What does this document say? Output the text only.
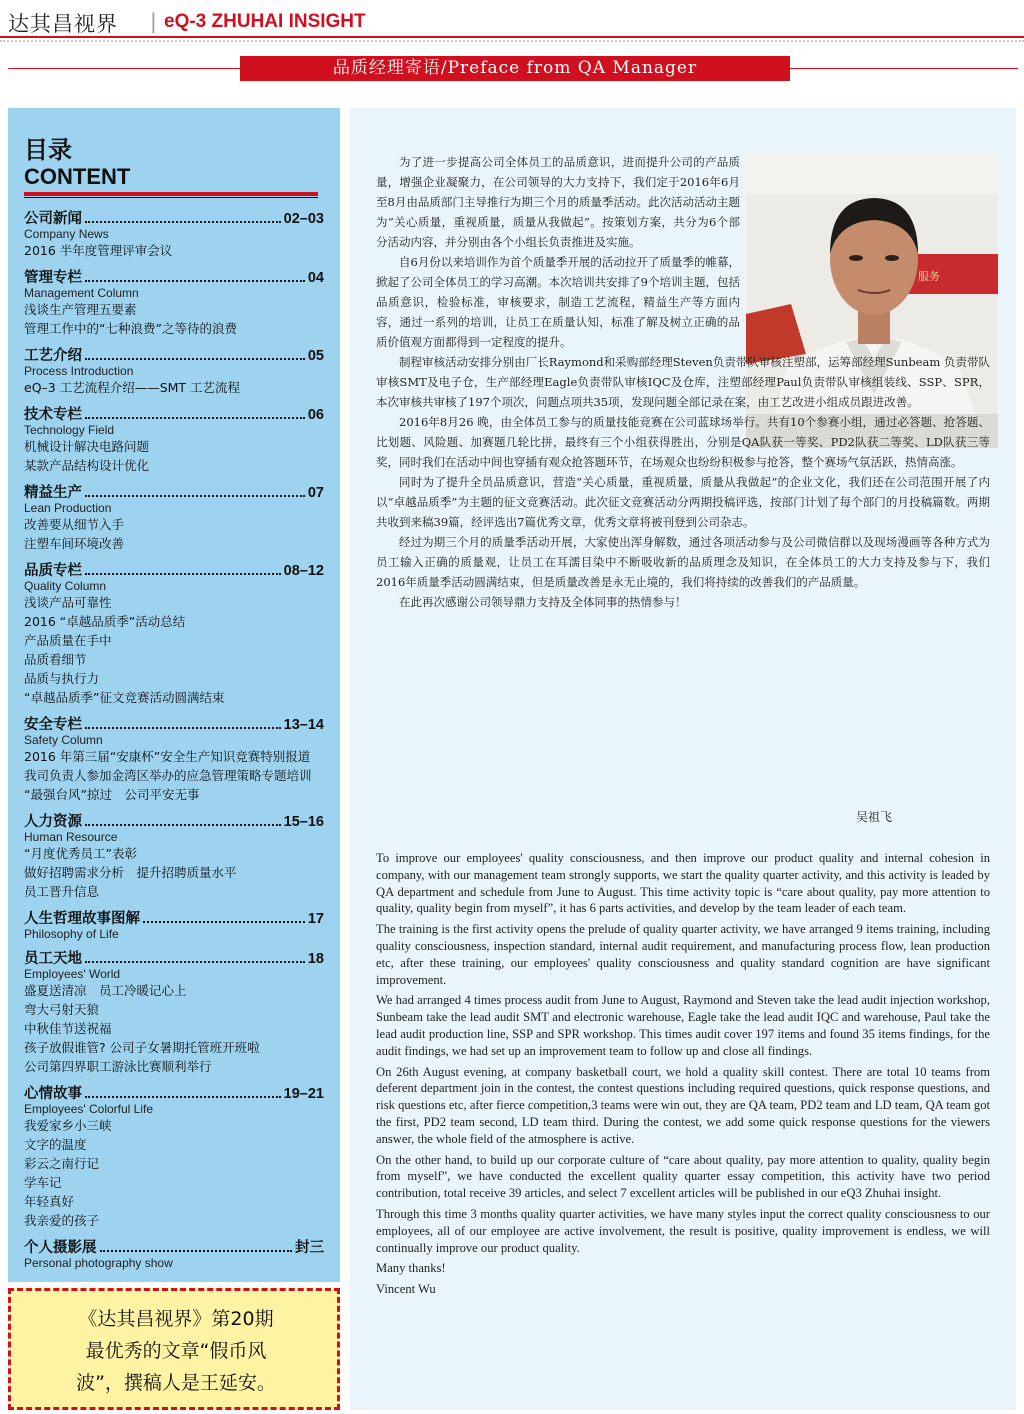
达其昌视界 | eQ-3 ZHUHAI INSIGHT
品质经理寄语/Preface from QA Manager
目录
CONTENT
公司新闻	02–03
Company News
2016 半年度管理评审会议
管理专栏	04
Management Column
浅谈生产管理五要素
管理工作中的“七种浪费”之等待的浪费
工艺介绍	05
Process Introduction
eQ–3 工艺流程介绍——SMT 工艺流程
技术专栏	06
Technology Field
机械设计解决电路问题
某款产品结构设计优化
精益生产	07
Lean Production
改善要从细节入手
注塑车间环境改善
品质专栏	08–12
Quality Column
浅谈产品可靠性
2016 “卓越品质季”活动总结
产品质量在手中
品质看细节
品质与执行力
“卓越品质季”征文竞赛活动圆满结束
安全专栏	13–14
Safety Column
2016 年第三届“安康杯”安全生产知识竞赛特别报道
我司负责人参加金湾区举办的应急管理策略专题培训
“最强台风”掠过　公司平安无事
人力资源	15–16
Human Resource
“月度优秀员工”表彰
做好招聘需求分析　提升招聘质量水平
员工晋升信息
人生哲理故事图解	17
Philosophy of Life
员工天地	18
Employees' World
盛夏送清凉　员工冷暖记心上
弯大弓射天狼
中秋佳节送祝福
孩子放假谁管? 公司子女暑期托管班开班啦
公司第四界职工游泳比赛顺利举行
心情故事	19–21
Employees' Colorful Life
我爱家乡小三峡
文字的温度
彩云之南行记
学车记
年轻真好
我亲爱的孩子
个人摄影展	封三
Personal photography show
《达其昌视界》第20期
最优秀的文章“假币风
波”，撰稿人是王延安。
服务

为了进一步提高公司全体员工的品质意识，进而提升公司的产品质量，增强企业凝聚力，在公司领导的大力支持下，我们定于2016年6月至8月由品质部门主导推行为期三个月的质量季活动。此次活动活动主题为“关心质量，重视质量，质量从我做起”。按策划方案，共分为6个部分活动内容，并分别由各个小组长负责推进及实施。

自6月份以来培训作为首个质量季开展的活动拉开了质量季的帷幕，掀起了公司全体员工的学习高潮。本次培训共安排了9个培训主题，包括品质意识，检验标准，审核要求，制造工艺流程，精益生产等方面内容，通过一系列的培训，让员工在质量认知，标准了解及树立正确的品质价值观方面都得到一定程度的提升。

制程审核活动安排分别由厂长Raymond和采购部经理Steven负责带队审核注塑部，运筹部经理Sunbeam 负责带队审核SMT及电子仓，生产部经理Eagle负责带队审核IQC及仓库，注塑部经理Paul负责带队审核组装线、SSP、SPR，本次审核共审核了197个项次，问题点项共35项，发现问题全部记录在案，由工艺改进小组成员跟进改善。

2016年8月26 晚，由全体员工参与的质量技能竞赛在公司蓝球场举行。共有10个参赛小组，通过必答题、抢答题、比划题、风险题、加赛题几轮比拼，最终有三个小组获得胜出，分别是QA队获一等奖、PD2队获二等奖、LD队获三等奖，同时我们在活动中间也穿插有观众抢答题环节，在场观众也纷纷积极参与抢答，整个赛场气氛活跃，热情高涨。

同时为了提升全员品质意识，营造“关心质量，重视质量，质量从我做起”的企业文化，我们还在公司范围开展了内以“卓越品质季”为主题的征文竞赛活动。此次征文竞赛活动分两期投稿评选，按部门计划了每个部门的月投稿篇数。两期共收到来稿39篇，经评选出7篇优秀文章，优秀文章将被刊登到公司杂志。

经过为期三个月的质量季活动开展，大家使出浑身解数，通过各项活动参与及公司微信群以及现场漫画等各种方式为员工输入正确的质量观，让员工在耳濡目染中不断吸收新的品质理念及知识，在全体员工的大力支持及参与下，我们2016年质量季活动圆满结束，但是质量改善是永无止境的，我们将持续的改善我们的产品质量。

在此再次感谢公司领导鼎力支持及全体同事的热情参与！

吴祖飞

To improve our employees' quality consciousness, and then improve our product quality and internal cohesion in company, with our management team strongly supports, we start the quality quarter activity, and this activity is leaded by QA department and schedule from June to August. This time activity topic is “care about quality, pay more attention to quality, quality begin from myself”, it has 6 parts activities, and develop by the team leader of each team.

The training is the first activity opens the prelude of quality quarter activity, we have arranged 9 items training, including quality consciousness, inspection standard, internal audit requirement, and manufacturing process flow, lean production etc, after these training, our employees' quality consciousness and quality standard cognition are have significant improvement.

We had arranged 4 times process audit from June to August, Raymond and Steven take the lead audit injection workshop, Sunbeam take the lead audit SMT and electronic warehouse, Eagle take the lead audit IQC and warehouse, Paul take the lead audit production line, SSP and SPR workshop. This times audit cover 197 items and found 35 items findings, for the audit findings, we had set up an improvement team to follow up and close all findings.

On 26th August evening, at company basketball court, we hold a quality skill contest. There are total 10 teams from deferent department join in the contest, the contest questions including required questions, quick response questions, and risk questions etc, after fierce competition,3 teams were win out, they are QA team, PD2 team and LD team, QA team got the first, PD2 team second, LD team third. During the contest, we add some quick response questions for the viewers answer, the whole field of the atmosphere is active.

On the other hand, to build up our corporate culture of “care about quality, pay more attention to quality, quality begin from myself”, we have conducted the excellent quality quarter essay competition, this activity have two period contribution, total receive 39 articles, and select 7 excellent articles will be published in our eQ3 Zhuhai insight.

Through this time 3 months quality quarter activities, we have many styles input the correct quality consciousness to our employees, all of our employee are active involvement, the result is positive, quality improvement is endless, we will continually improve our product quality.

Many thanks!

Vincent Wu
